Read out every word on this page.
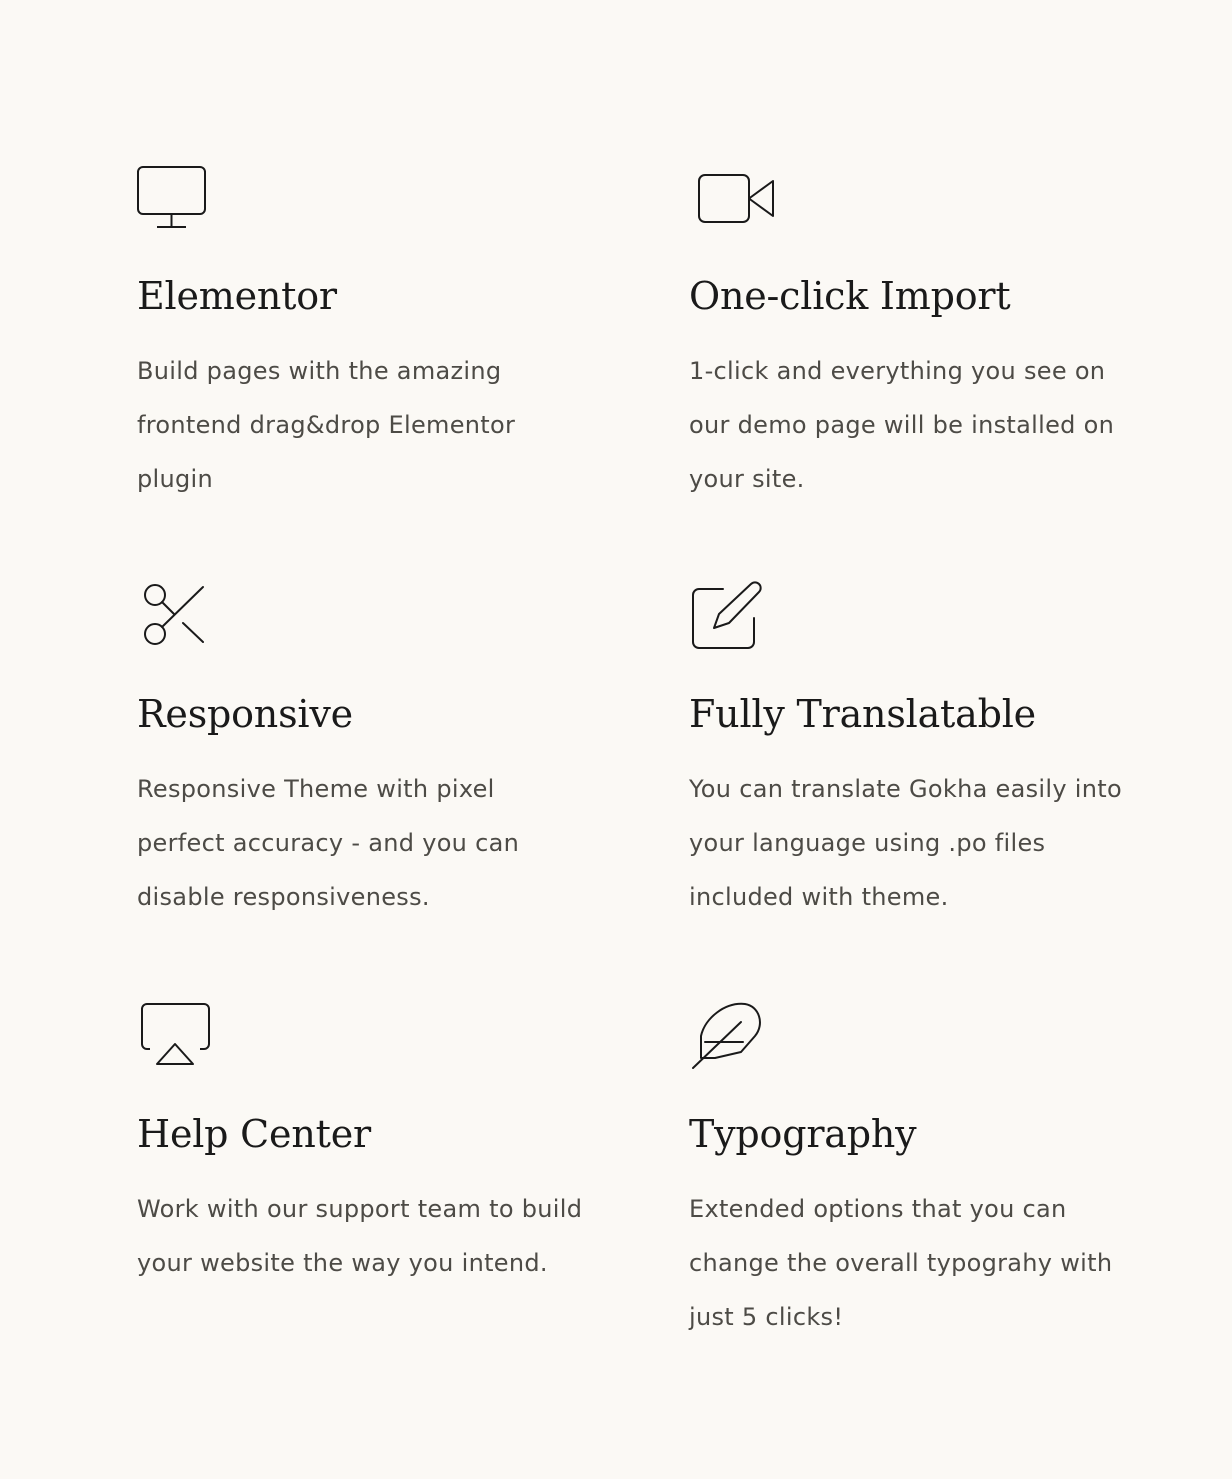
Elementor

Build pages with the amazing frontend drag&drop Elementor plugin

One-click Import

1-click and everything you see on our demo page will be installed on your site.

Responsive

Responsive Theme with pixel perfect accuracy - and you can disable responsiveness.

Fully Translatable

You can translate Gokha easily into your language using .po files included with theme.

Help Center

Work with our support team to build your website the way you intend.

Typography

Extended options that you can change the overall typograhy with just 5 clicks!
